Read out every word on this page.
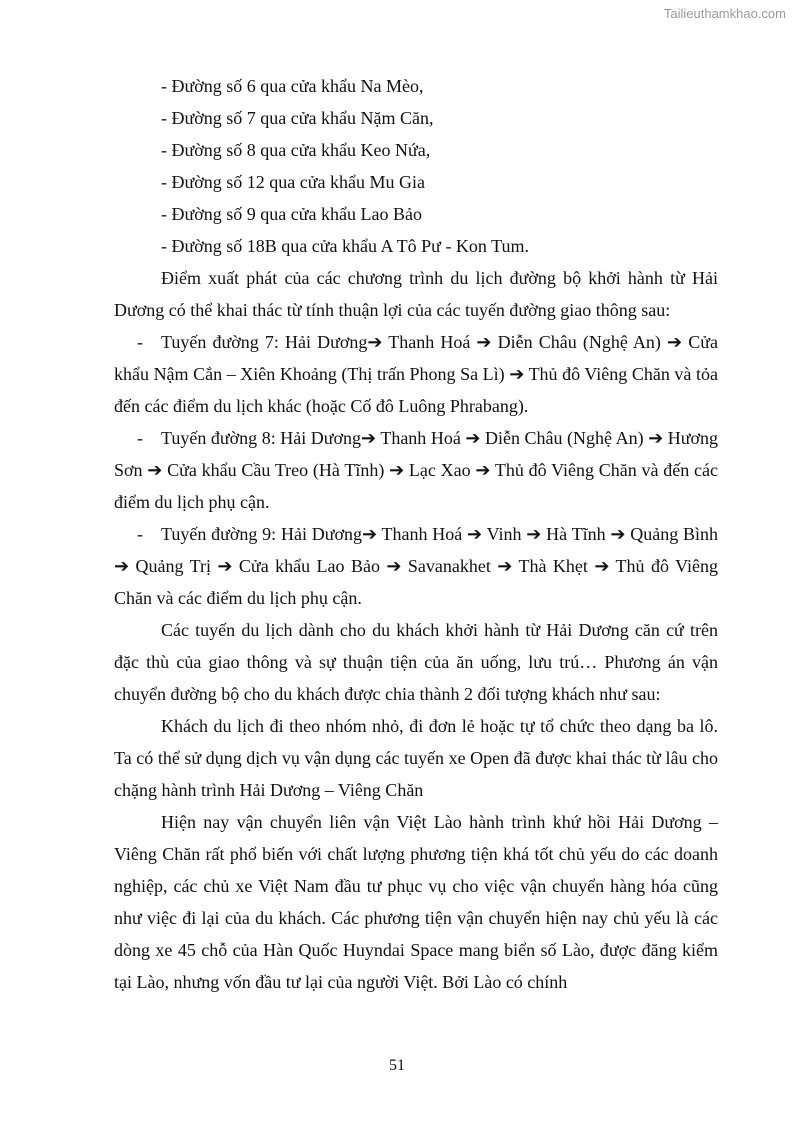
Tailieuthamkhao.com

- Đường số 6 qua cửa khẩu Na Mèo,

- Đường số 7 qua cửa khẩu Nặm Căn,

- Đường số 8 qua cửa khẩu Keo Nứa,

- Đường số 12 qua cửa khẩu Mu Gia

- Đường số 9 qua cửa khẩu Lao Bảo

- Đường số 18B qua cửa khẩu A Tô Pư - Kon Tum.

Điểm xuất phát của các chương trình du lịch đường bộ khởi hành từ Hải Dương có thể khai thác từ tính thuận lợi của các tuyến đường giao thông sau:

- Tuyến đường 7: Hải Dương➔ Thanh Hoá ➔ Diễn Châu (Nghệ An) ➔ Cửa khẩu Nậm Cắn – Xiên Khoảng (Thị trấn Phong Sa Lì) ➔ Thủ đô Viêng Chăn và tỏa đến các điểm du lịch khác (hoặc Cố đô Luông Phrabang).

- Tuyến đường 8: Hải Dương➔ Thanh Hoá ➔ Diễn Châu (Nghệ An) ➔ Hương Sơn ➔ Cửa khẩu Cầu Treo (Hà Tĩnh) ➔ Lạc Xao ➔ Thủ đô Viêng Chăn và đến các điểm du lịch phụ cận.

- Tuyến đường 9: Hải Dương➔ Thanh Hoá ➔ Vinh ➔ Hà Tĩnh ➔ Quảng Bình ➔ Quảng Trị ➔ Cửa khẩu Lao Bảo ➔ Savanakhet ➔ Thà Khẹt ➔ Thủ đô Viêng Chăn và các điểm du lịch phụ cận.

Các tuyến du lịch dành cho du khách khởi hành từ Hải Dương căn cứ trên đặc thù của giao thông và sự thuận tiện của ăn uống, lưu trú… Phương án vận chuyển đường bộ cho du khách được chia thành 2 đối tượng khách như sau:

Khách du lịch đi theo nhóm nhỏ, đi đơn lẻ hoặc tự tổ chức theo dạng ba lô. Ta có thể sử dụng dịch vụ vận dụng các tuyến xe Open đã được khai thác từ lâu cho chặng hành trình Hải Dương – Viêng Chăn

Hiện nay vận chuyển liên vận Việt Lào hành trình khứ hồi Hải Dương – Viêng Chăn rất phổ biến với chất lượng phương tiện khá tốt chủ yếu do các doanh nghiệp, các chủ xe Việt Nam đầu tư phục vụ cho việc vận chuyển hàng hóa cũng như việc đi lại của du khách. Các phương tiện vận chuyển hiện nay chủ yếu là các dòng xe 45 chỗ của Hàn Quốc Huyndai Space mang biển số Lào, được đăng kiểm tại Lào, nhưng vốn đầu tư lại của người Việt. Bởi Lào có chính

51
